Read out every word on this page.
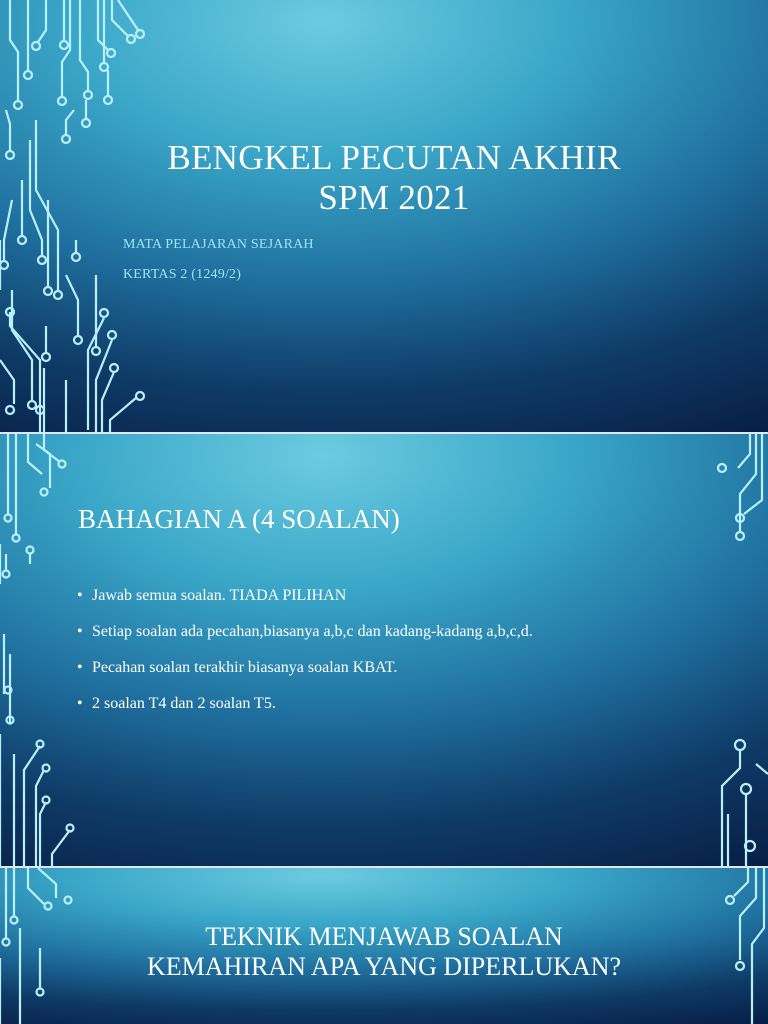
BENGKEL PECUTAN AKHIR
SPM 2021
MATA PELAJARAN SEJARAH
KERTAS 2 (1249/2)
BAHAGIAN A (4 SOALAN)
• Jawab semua soalan. TIADA PILIHAN
• Setiap soalan ada pecahan,biasanya a,b,c dan kadang-kadang a,b,c,d.
• Pecahan soalan terakhir biasanya soalan KBAT.
• 2 soalan T4 dan 2 soalan T5.
TEKNIK MENJAWAB SOALAN
KEMAHIRAN APA YANG DIPERLUKAN?
